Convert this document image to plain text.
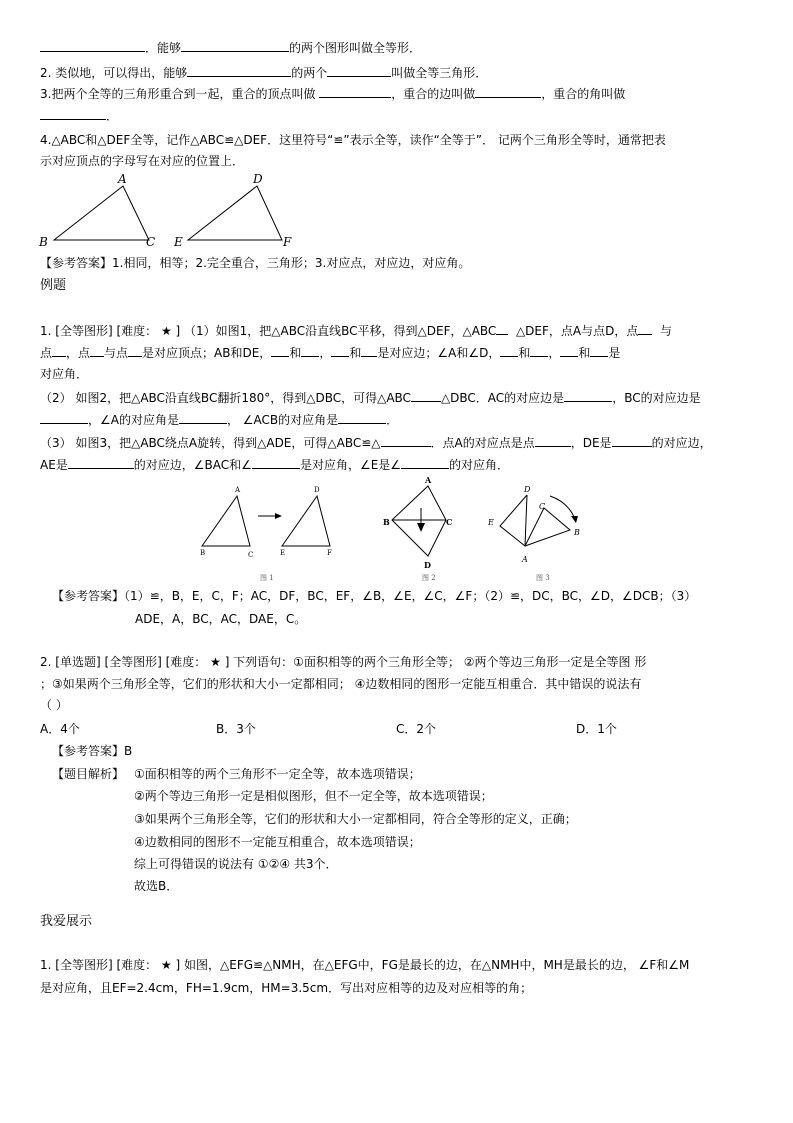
．能够	的两个图形叫做全等形．
2. 类似地，可以得出，能够	的两个	叫做全等三角形．
3.把两个全等的三角形重合到一起，重合的顶点叫做	，重合的边叫做	，重合的角叫做
．
4.△ABC和△DEF全等，记作△ABC≌△DEF．这里符号“≌”表示全等，读作“全等于”． 记两个三角形全等时，通常把表
示对应顶点的字母写在对应的位置上．
A
B	C
D
E	F
【参考答案】1.相同，相等；2.完全重合，三角形；3.对应点，对应边，对应角。
例题
1. [全等图形] [难度： ★ ] （1）如图1，把△ABC沿直线BC平移，得到△DEF，△ABC △DEF，点A与点D，点 与
点 ，点 与点 是对应顶点；AB和DE， 和 ， 和 是对应边；∠A和∠D， 和 ， 和 是
对应角．
（2） 如图2，把△ABC沿直线BC翻折180°，得到△DBC，可得△ABC	△DBC．AC的对应边是	，BC的对应边是
，∠A的对应角是	， ∠ACB的对应角是	．
（3） 如图3，把△ABC绕点A旋转，得到△ADE，可得△ABC≌△	．点A的对应点是点	，DE是	的对应边，
AE是	的对应边，∠BAC和∠	是对应角，∠E是∠	的对应角．
A
B	C
D
E	F
图 1
A
B	C
D
图 2
D
C
E
B
A
图 3
【参考答案】（1）≌，B，E，C，F；AC，DF，BC，EF，∠B，∠E，∠C，∠F；（2）≌，DC，BC，∠D，∠DCB；（3）
ADE，A，BC，AC，DAE，C。
2. [单选题] [全等图形] [难度： ★ ] 下列语句：①面积相等的两个三角形全等； ②两个等边三角形一定是全等图 形
；③如果两个三角形全等，它们的形状和大小一定都相同； ④边数相同的图形一定能互相重合．其中错误的说法有
（ ）
A．4个	B．3个	C．2个	D．1个
【参考答案】B
【题目解析】 ①面积相等的两个三角形不一定全等，故本选项错误；
②两个等边三角形一定是相似图形，但不一定全等，故本选项错误；
③如果两个三角形全等，它们的形状和大小一定都相同，符合全等形的定义，正确；
④边数相同的图形不一定能互相重合，故本选项错误；
综上可得错误的说法有 ①②④ 共3个．
故选B．
我爱展示
1. [全等图形] [难度： ★ ] 如图，△EFG≌△NMH，在△EFG中，FG是最长的边，在△NMH中，MH是最长的边， ∠F和∠M
是对应角，且EF=2.4cm，FH=1.9cm，HM=3.5cm．写出对应相等的边及对应相等的角；
